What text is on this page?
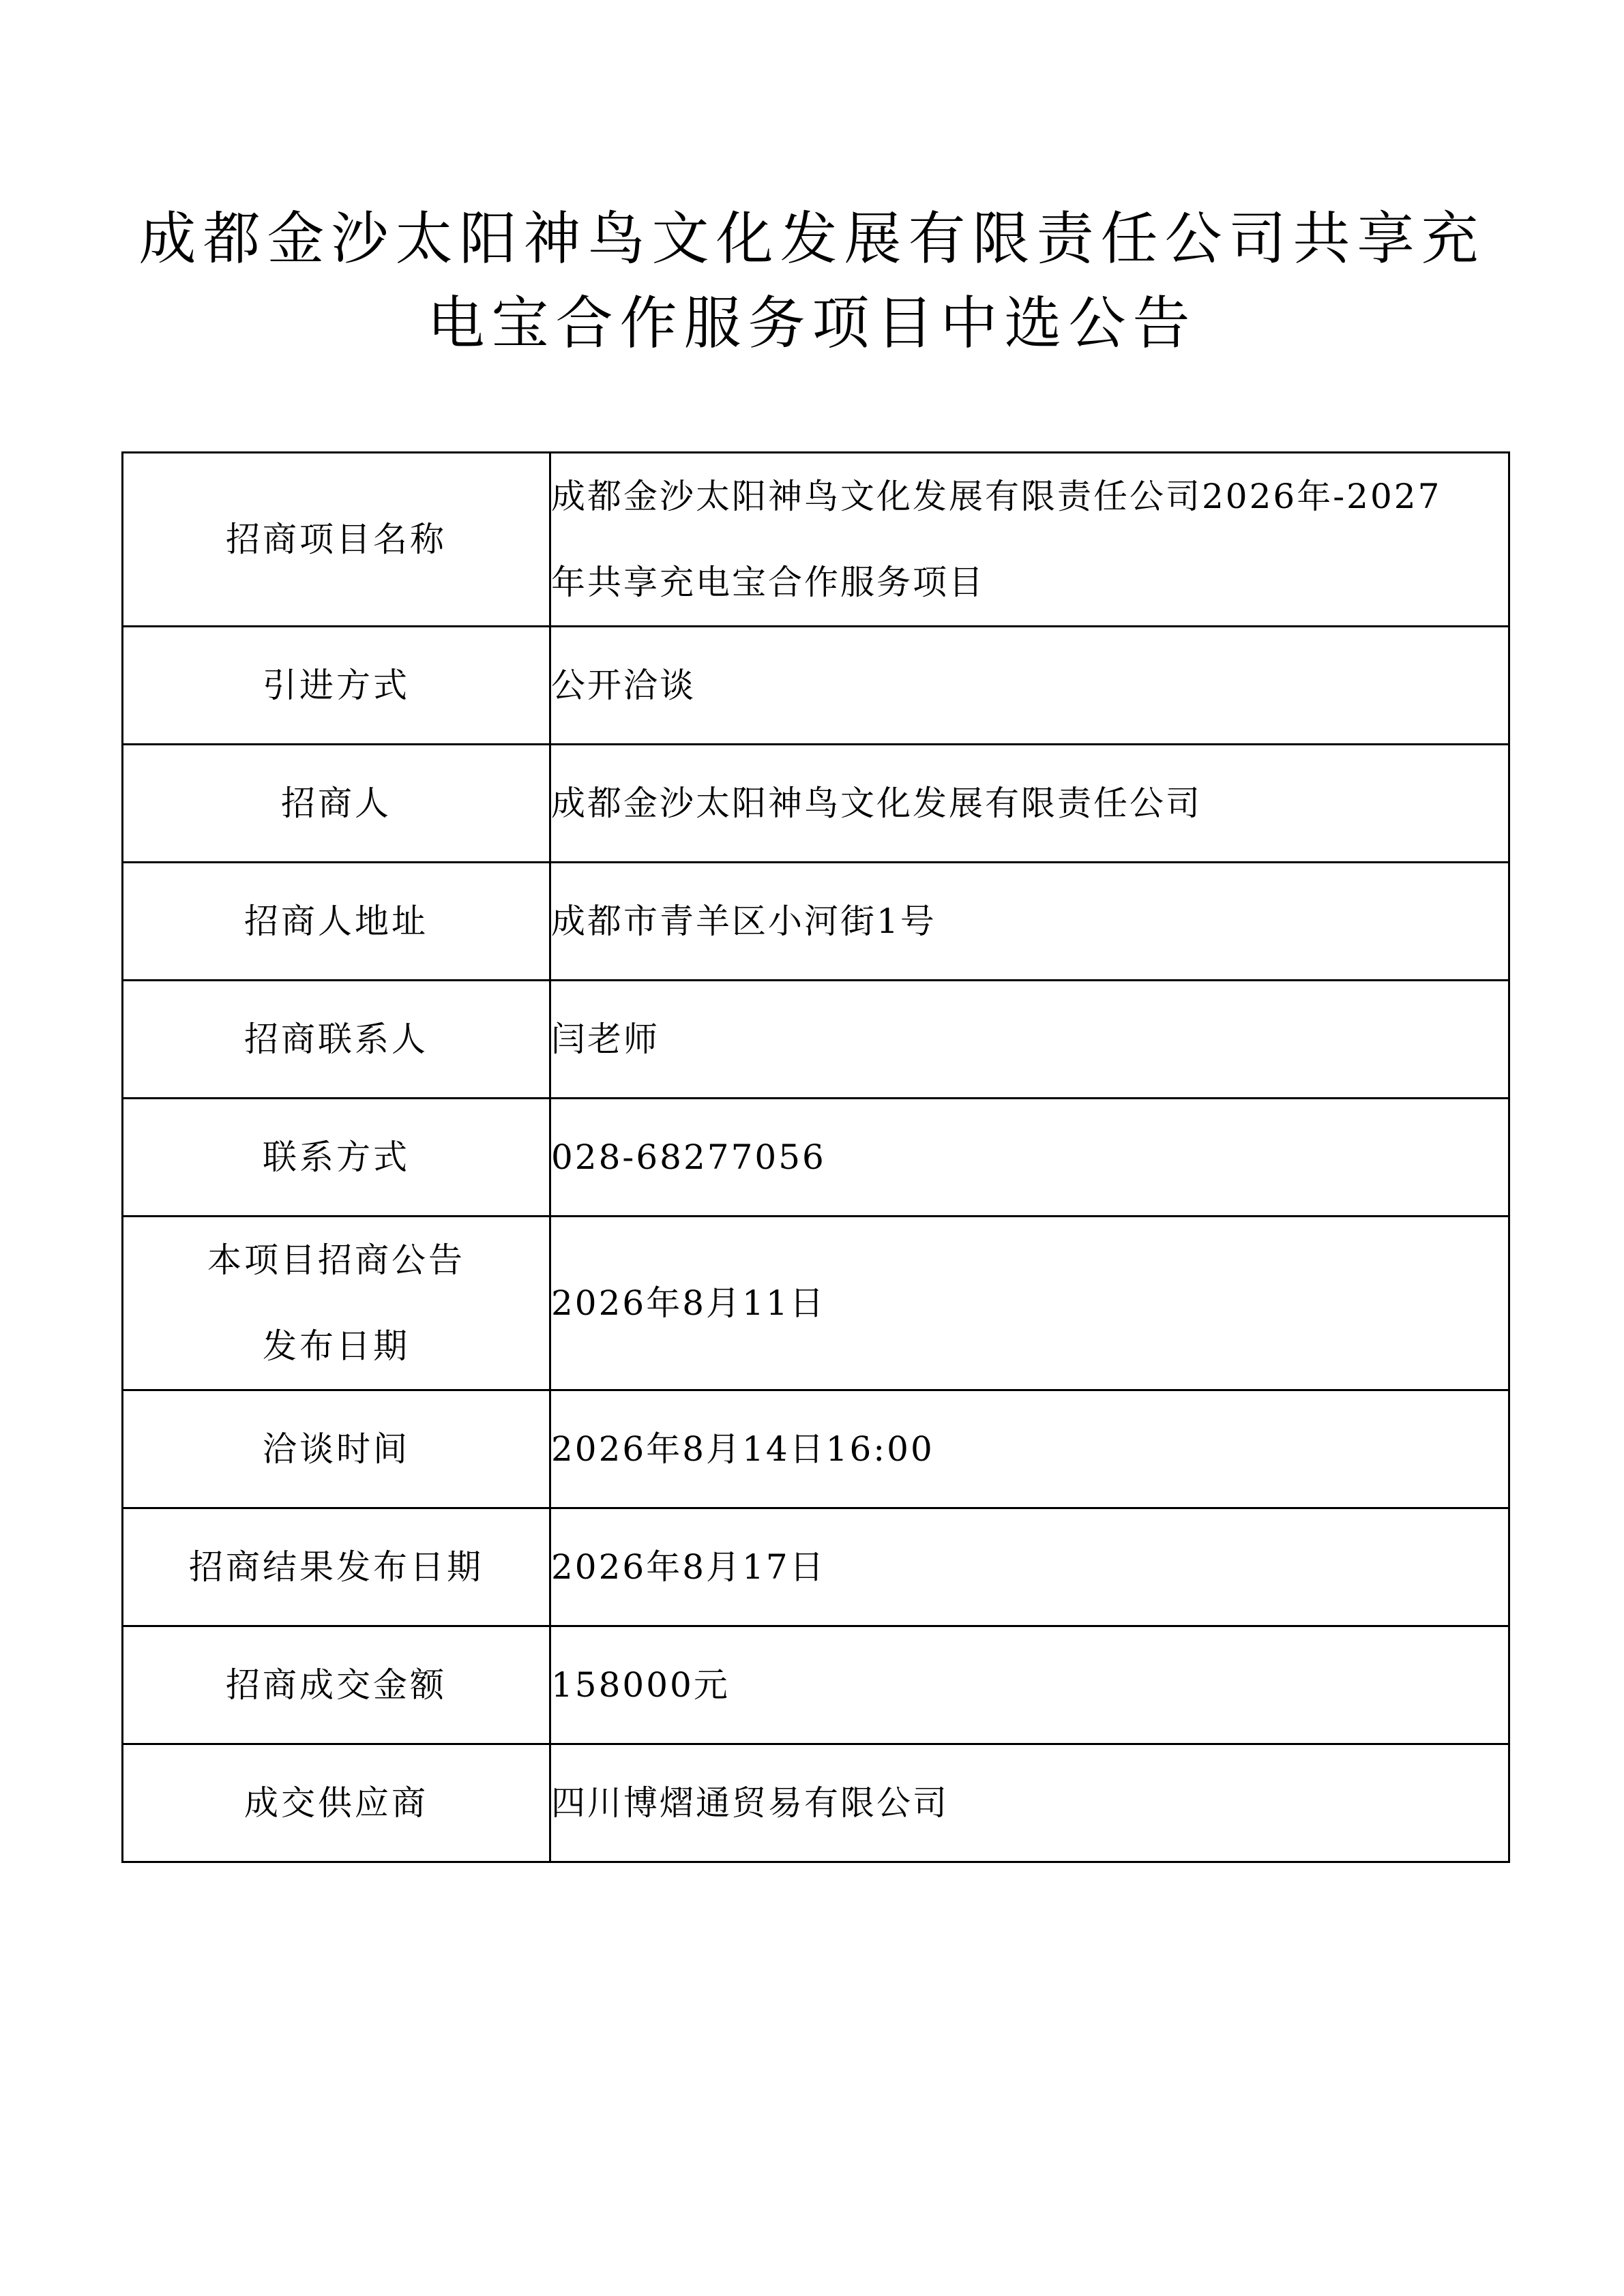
成都金沙太阳神鸟文化发展有限责任公司共享充
电宝合作服务项目中选公告
招商项目名称	成都金沙太阳神鸟文化发展有限责任公司2026年-2027
年共享充电宝合作服务项目

引进方式	公开洽谈
招商人	成都金沙太阳神鸟文化发展有限责任公司
招商人地址	成都市青羊区小河街1号
招商联系人	闫老师
联系方式	028-68277056

本项目招商公告
发布日期	2026年8月11日
洽谈时间	2026年8月14日16:00
招商结果发布日期	2026年8月17日
招商成交金额	158000元
成交供应商	四川博熠通贸易有限公司
